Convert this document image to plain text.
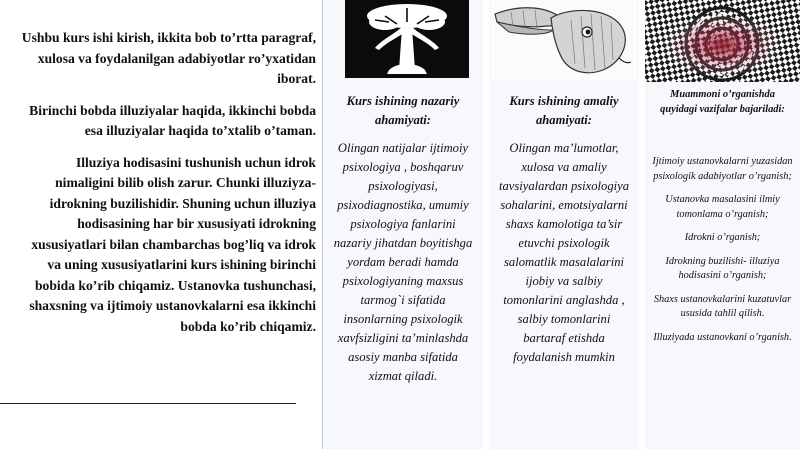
Ushbu kurs ishi kirish, ikkita bob to’rtta paragraf, xulosa va foydalanilgan adabiyotlar ro’yxatidan iborat.

Birinchi bobda illuziyalar haqida, ikkinchi bobda esa illuziyalar haqida to’xtalib o’taman.

Illuziya hodisasini tushunish uchun idrok nimaligini bilib olish zarur. Chunki illuziyza- idrokning buzilishidir. Shuning uchun illuziya hodisasining har bir xususiyati idrokning xususiyatlari bilan chambarchas bog’liq va idrok va uning xususiyatlarini kurs ishining birinchi bobida ko’rib chiqamiz. Ustanovka tushunchasi, shaxsning va ijtimoiy ustanovkalarni esa ikkinchi bobda ko’rib chiqamiz.

Kurs ishining nazariy ahamiyati:
Olingan natijalar ijtimoiy psixologiya , boshqaruv psixologiyasi, psixodiagnostika, umumiy psixologiya fanlarini nazariy jihatdan boyitishga yordam beradi hamda psixologiyaning maxsus tarmog`i sifatida insonlarning psixologik xavfsizligini ta’minlashda asosiy manba sifatida xizmat qiladi.
Kurs ishining amaliy ahamiyati:
Olingan ma’lumotlar, xulosa va amaliy tavsiyalardan psixologiya sohalarini, emotsiyalarni shaxs kamolotiga ta’sir etuvchi psixologik salomatlik masalalarini ijobiy va salbiy tomonlarini anglashda , salbiy tomonlarini bartaraf etishda foydalanish mumkin
Muammoni o’rganishda quyidagi vazifalar bajariladi:

Ijtimoiy ustanovkalarni yuzasidan psixologik adabiyotlar o’rganish;

Ustanovka masalasini ilmiy tomonlama o’rganish;

Idrokni o’rganish;

Idrokning buzilishi- illuziya hodisasini o’rganish;

Shaxs ustanovkalarini kuzatuvlar ususida tahlil qilish.

Illuziyada ustanovkani o’rganish.
